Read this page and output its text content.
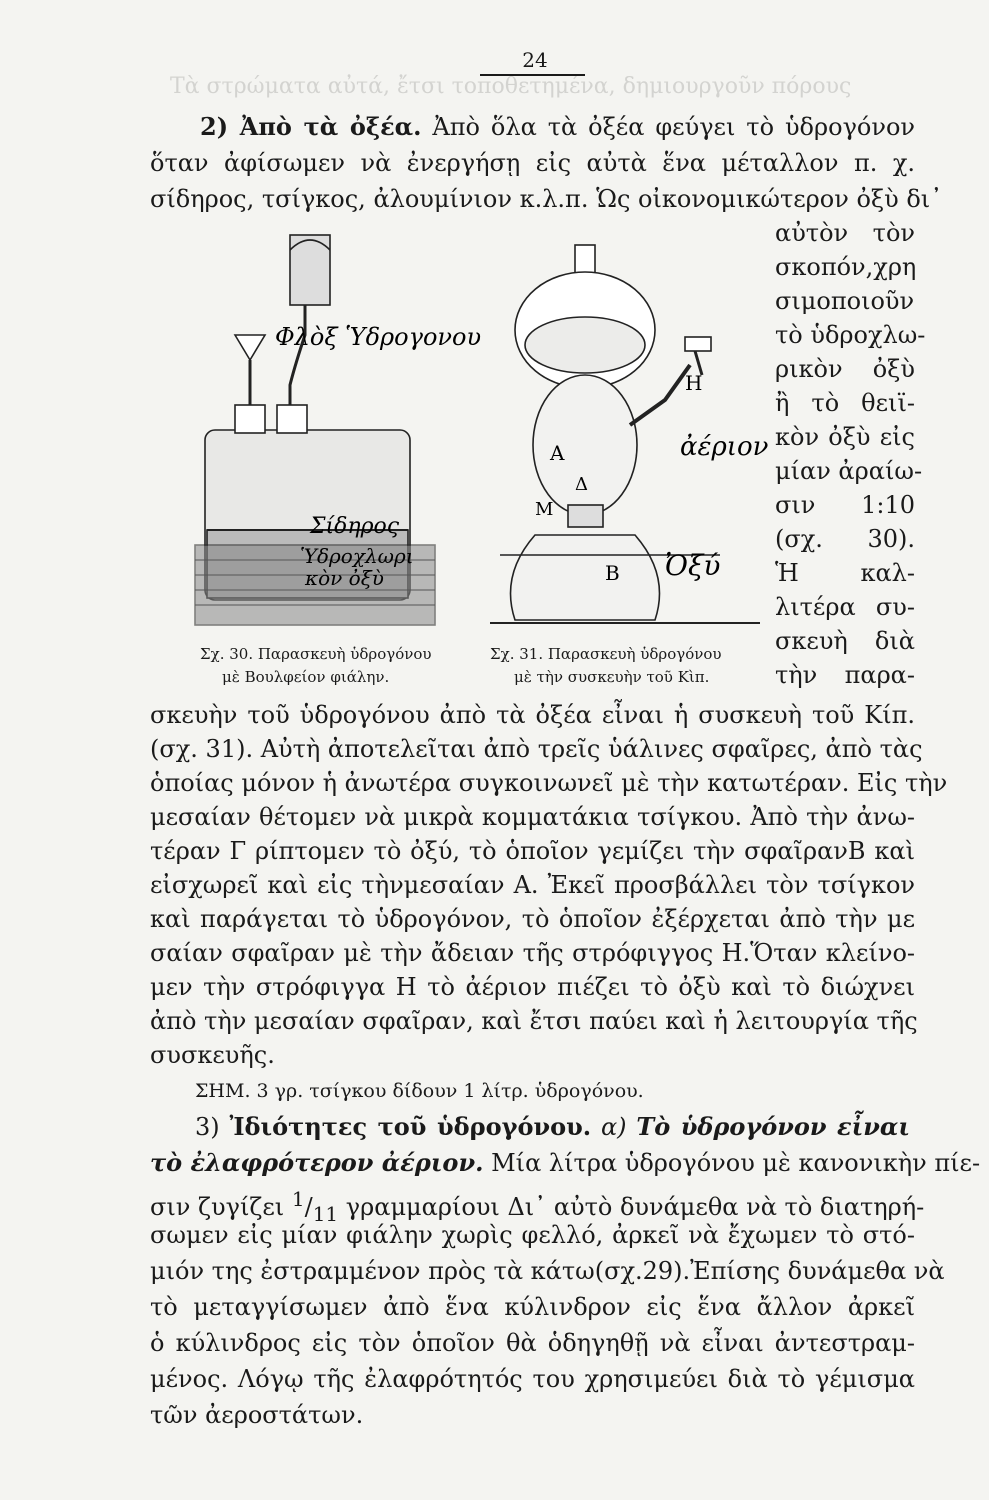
Τὰ στρώματα αὐτά, ἔτσι τοποθετημένα, δημιουργοῦν πόρους
24
2) Ἀπὸ τὰ ὀξέα. Ἀπὸ ὅλα τὰ ὀξέα φεύγει τὸ ὑδρογόνον
ὅταν ἀφίσωμεν νὰ ἐνεργήσῃ εἰς αὐτὰ ἕνα μέταλλον π. χ.
σίδηρος, τσίγκος, ἀλουμίνιον κ.λ.π. Ὡς οἰκονομικώτερον ὀξὺ δι᾿
αὐτὸν τὸν
σκοπόν,χρη
σιμοποιοῦν
τὸ ὑδροχλω-
ρικὸν ὀξὺ
ἢ τὸ θειϊ-
κὸν ὀξὺ εἰς
μίαν ἀραίω-
σιν 1:10
(σχ. 30).
Ἡ καλ-
λιτέρα συ-
σκευὴ διὰ
τὴν παρα-
Φλὸξ Ὑδρογονου
Σίδηρος
Ὑδροχλωρι
κὸν ὀξὺ
Σχ. 30. Παρασκευὴ ὑδρογόνου
μὲ Βουλφείον φιάλην.
Δ
Η
Α
Μ
Β
ἀέριον
Ὀξύ
Σχ. 31. Παρασκευὴ ὑδρογόνου
μὲ τὴν συσκευὴν τοῦ Κὶπ.
σκευὴν τοῦ ὑδρογόνου ἀπὸ τὰ ὀξέα εἶναι ἡ συσκευὴ τοῦ Κίπ.
(σχ. 31). Αὐτὴ ἀποτελεῖται ἀπὸ τρεῖς ὑάλινες σφαῖρες, ἀπὸ τὰς
ὁποίας μόνον ἡ ἀνωτέρα συγκοινωνεῖ μὲ τὴν κατωτέραν. Εἰς τὴν
μεσαίαν θέτομεν νὰ μικρὰ κομματάκια τσίγκου. Ἀπὸ τὴν ἀνω-
τέραν Γ ρίπτομεν τὸ ὀξύ, τὸ ὁποῖον γεμίζει τὴν σφαῖρανΒ καὶ
εἰσχωρεῖ καὶ εἰς τὴνμεσαίαν Α. Ἐκεῖ προσβάλλει τὸν τσίγκον
καὶ παράγεται τὸ ὑδρογόνον, τὸ ὁποῖον ἐξέρχεται ἀπὸ τὴν με
σαίαν σφαῖραν μὲ τὴν ἄδειαν τῆς στρόφιγγος Η.Ὅταν κλείνο-
μεν τὴν στρόφιγγα Η τὸ ἀέριον πιέζει τὸ ὀξὺ καὶ τὸ διώχνει
ἀπὸ τὴν μεσαίαν σφαῖραν, καὶ ἔτσι παύει καὶ ἡ λειτουργία τῆς
συσκευῆς.
ΣΗΜ. 3 γρ. τσίγκου δίδουν 1 λίτρ. ὑδρογόνου.
3) Ἰδιότητες τοῦ ὑδρογόνου. α) Τὸ ὑδρογόνον εἶναι
τὸ ἐλαφρότερον ἀέριον. Μία λίτρα ὑδρογόνου μὲ κανονικὴν πίε-
σιν ζυγίζει $^1/_{11}$ γραμμαρίουι Δι᾿ αὐτὸ δυνάμεθα νὰ τὸ διατηρή-
σωμεν εἰς μίαν φιάλην χωρὶς φελλό, ἀρκεῖ νὰ ἔχωμεν τὸ στό-
μιόν της ἐστραμμένον πρὸς τὰ κάτω(σχ.29).Ἐπίσης δυνάμεθα νὰ
τὸ μεταγγίσωμεν ἀπὸ ἕνα κύλινδρον εἰς ἕνα ἄλλον ἀρκεῖ
ὁ κύλινδρος εἰς τὸν ὁποῖον θὰ ὁδηγηθῇ νὰ εἶναι ἀντεστραμ-
μένος. Λόγῳ τῆς ἐλαφρότητός του χρησιμεύει διὰ τὸ γέμισμα
τῶν ἀεροστάτων.
